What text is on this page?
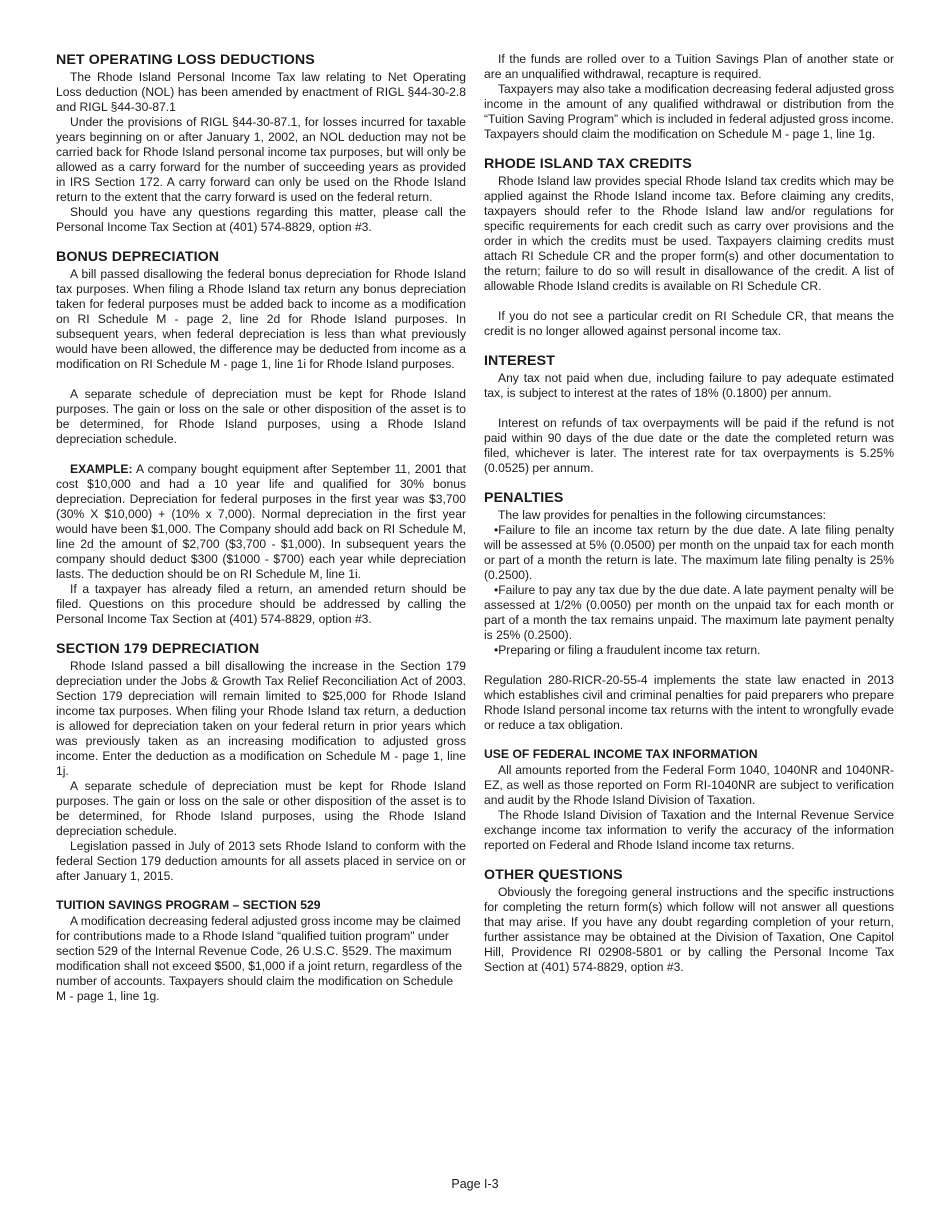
NET OPERATING LOSS DEDUCTIONS

The Rhode Island Personal Income Tax law relating to Net Operating Loss deduction (NOL) has been amended by enactment of RIGL §44-30-2.8 and RIGL §44-30-87.1

Under the provisions of RIGL §44-30-87.1, for losses incurred for taxable years beginning on or after January 1, 2002, an NOL deduction may not be carried back for Rhode Island personal income tax purposes, but will only be allowed as a carry forward for the number of succeeding years as provided in IRS Section 172. A carry forward can only be used on the Rhode Island return to the extent that the carry forward is used on the federal return.

Should you have any questions regarding this matter, please call the Personal Income Tax Section at (401) 574-8829, option #3.

BONUS DEPRECIATION

A bill passed disallowing the federal bonus depreciation for Rhode Island tax purposes. When filing a Rhode Island tax return any bonus depreciation taken for federal purposes must be added back to income as a modification on RI Schedule M - page 2, line 2d for Rhode Island purposes. In subsequent years, when federal depreciation is less than what previously would have been allowed, the difference may be deducted from income as a modification on RI Schedule M - page 1, line 1i for Rhode Island purposes.

A separate schedule of depreciation must be kept for Rhode Island purposes. The gain or loss on the sale or other disposition of the asset is to be determined, for Rhode Island purposes, using a Rhode Island depreciation schedule.

EXAMPLE: A company bought equipment after September 11, 2001 that cost $10,000 and had a 10 year life and qualified for 30% bonus depreciation. Depreciation for federal purposes in the first year was $3,700 (30% X $10,000) + (10% x 7,000). Normal depreciation in the first year would have been $1,000. The Company should add back on RI Schedule M, line 2d the amount of $2,700 ($3,700 - $1,000). In subsequent years the company should deduct $300 ($1000 - $700) each year while depreciation lasts. The deduction should be on RI Schedule M, line 1i.

If a taxpayer has already filed a return, an amended return should be filed. Questions on this procedure should be addressed by calling the Personal Income Tax Section at (401) 574-8829, option #3.

SECTION 179 DEPRECIATION

Rhode Island passed a bill disallowing the increase in the Section 179 depreciation under the Jobs & Growth Tax Relief Reconciliation Act of 2003. Section 179 depreciation will remain limited to $25,000 for Rhode Island income tax purposes. When filing your Rhode Island tax return, a deduction is allowed for depreciation taken on your federal return in prior years which was previously taken as an increasing modification to adjusted gross income. Enter the deduction as a modification on Schedule M - page 1, line 1j.

A separate schedule of depreciation must be kept for Rhode Island purposes. The gain or loss on the sale or other disposition of the asset is to be determined, for Rhode Island purposes, using the Rhode Island depreciation schedule.

Legislation passed in July of 2013 sets Rhode Island to conform with the federal Section 179 deduction amounts for all assets placed in service on or after January 1, 2015.

TUITION SAVINGS PROGRAM – SECTION 529

A modification decreasing federal adjusted gross income may be claimed for contributions made to a Rhode Island “qualified tuition program" under section 529 of the Internal Revenue Code, 26 U.S.C. §529. The maximum modification shall not exceed $500, $1,000 if a joint return, regardless of the number of accounts. Taxpayers should claim the modification on Schedule M - page 1, line 1g.

If the funds are rolled over to a Tuition Savings Plan of another state or are an unqualified withdrawal, recapture is required.

Taxpayers may also take a modification decreasing federal adjusted gross income in the amount of any qualified withdrawal or distribution from the “Tuition Saving Program” which is included in federal adjusted gross income. Taxpayers should claim the modification on Schedule M - page 1, line 1g.

RHODE ISLAND TAX CREDITS

Rhode Island law provides special Rhode Island tax credits which may be applied against the Rhode Island income tax. Before claiming any credits, taxpayers should refer to the Rhode Island law and/or regulations for specific requirements for each credit such as carry over provisions and the order in which the credits must be used. Taxpayers claiming credits must attach RI Schedule CR and the proper form(s) and other documentation to the return; failure to do so will result in disallowance of the credit. A list of allowable Rhode Island credits is available on RI Schedule CR.

If you do not see a particular credit on RI Schedule CR, that means the credit is no longer allowed against personal income tax.

INTEREST

Any tax not paid when due, including failure to pay adequate estimated tax, is subject to interest at the rates of 18% (0.1800) per annum.

Interest on refunds of tax overpayments will be paid if the refund is not paid within 90 days of the due date or the date the completed return was filed, whichever is later. The interest rate for tax overpayments is 5.25% (0.0525) per annum.

PENALTIES

The law provides for penalties in the following circumstances:

•Failure to file an income tax return by the due date. A late filing penalty will be assessed at 5% (0.0500) per month on the unpaid tax for each month or part of a month the return is late. The maximum late filing penalty is 25% (0.2500).

•Failure to pay any tax due by the due date. A late payment penalty will be assessed at 1/2% (0.0050) per month on the unpaid tax for each month or part of a month the tax remains unpaid. The maximum late payment penalty is 25% (0.2500).

•Preparing or filing a fraudulent income tax return.

Regulation 280-RICR-20-55-4 implements the state law enacted in 2013 which establishes civil and criminal penalties for paid preparers who prepare Rhode Island personal income tax returns with the intent to wrongfully evade or reduce a tax obligation.

USE OF FEDERAL INCOME TAX INFORMATION

All amounts reported from the Federal Form 1040, 1040NR and 1040NR-EZ, as well as those reported on Form RI-1040NR are subject to verification and audit by the Rhode Island Division of Taxation.

The Rhode Island Division of Taxation and the Internal Revenue Service exchange income tax information to verify the accuracy of the information reported on Federal and Rhode Island income tax returns.

OTHER QUESTIONS

Obviously the foregoing general instructions and the specific instructions for completing the return form(s) which follow will not answer all questions that may arise. If you have any doubt regarding completion of your return, further assistance may be obtained at the Division of Taxation, One Capitol Hill, Providence RI 02908-5801 or by calling the Personal Income Tax Section at (401) 574-8829, option #3.

Page I-3
